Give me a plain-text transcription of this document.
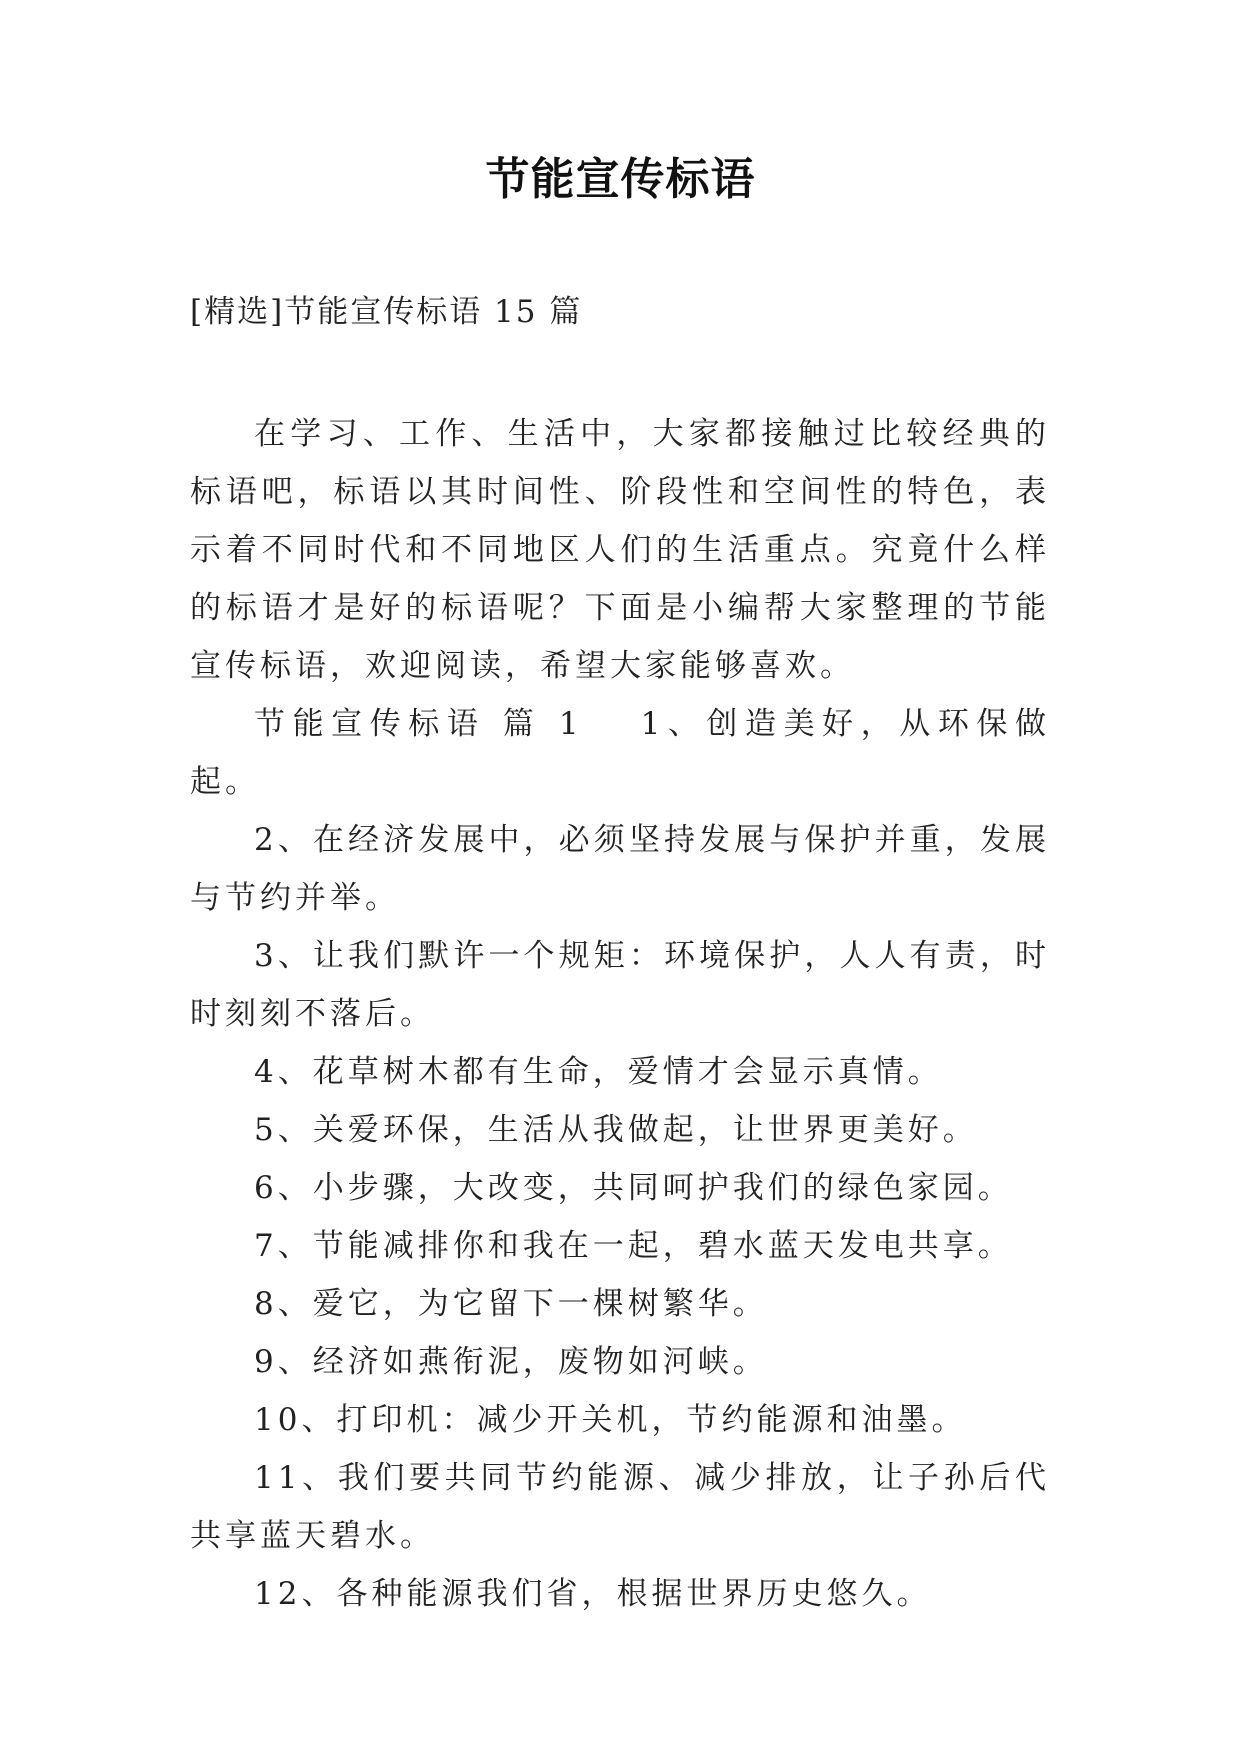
节能宣传标语

[精选]节能宣传标语 15 篇

在学习、工作、生活中，大家都接触过比较经典的标语吧，标语以其时间性、阶段性和空间性的特色，表示着不同时代和不同地区人们的生活重点。究竟什么样的标语才是好的标语呢？下面是小编帮大家整理的节能宣传标语，欢迎阅读，希望大家能够喜欢。

节能宣传标语 篇 1 1、创造美好，从环保做起。

2、在经济发展中，必须坚持发展与保护并重，发展与节约并举。

3、让我们默许一个规矩：环境保护，人人有责，时时刻刻不落后。

4、花草树木都有生命，爱情才会显示真情。

5、关爱环保，生活从我做起，让世界更美好。

6、小步骤，大改变，共同呵护我们的绿色家园。

7、节能减排你和我在一起，碧水蓝天发电共享。

8、爱它，为它留下一棵树繁华。

9、经济如燕衔泥，废物如河峡。

10、打印机：减少开关机，节约能源和油墨。

11、我们要共同节约能源、减少排放，让子孙后代共享蓝天碧水。

12、各种能源我们省，根据世界历史悠久。
